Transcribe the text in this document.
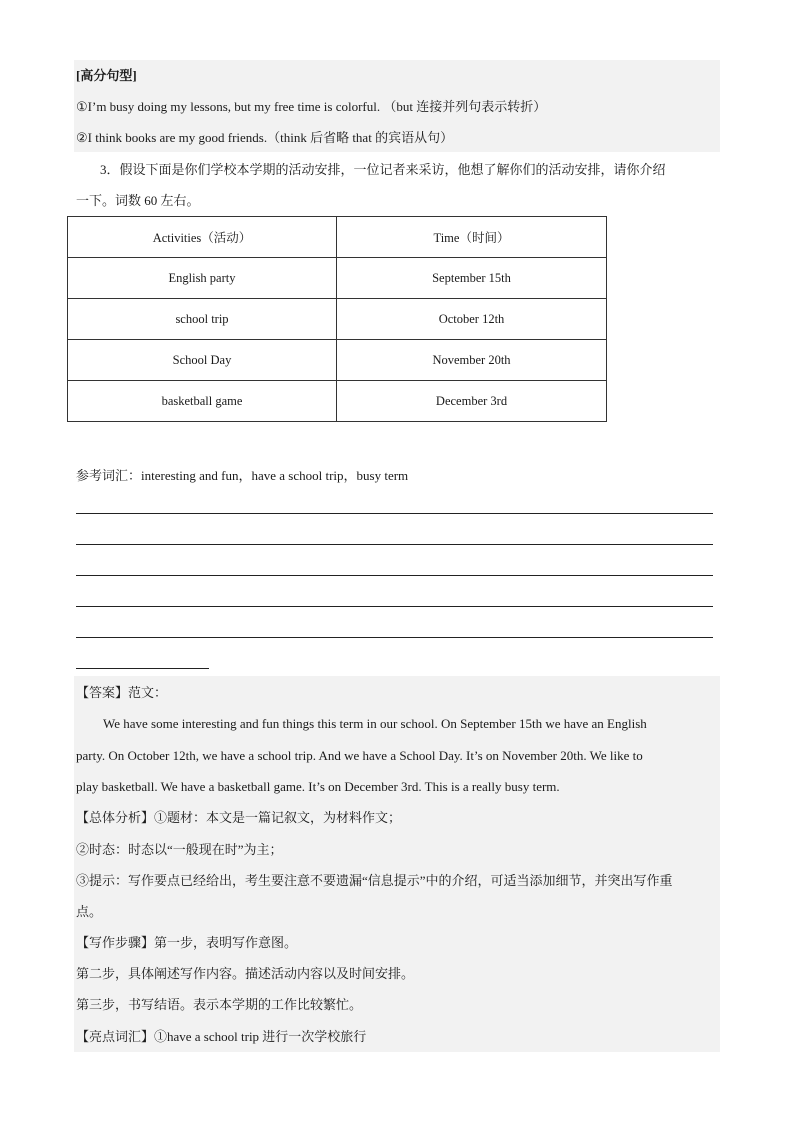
[高分句型]
①I’m busy doing my lessons, but my free time is colorful. （but 连接并列句表示转折）
②I think books are my good friends.（think 后省略 that 的宾语从句）
3．假设下面是你们学校本学期的活动安排，一位记者来采访，他想了解你们的活动安排，请你介绍
一下。词数 60 左右。
Activities（活动）	Time（时间）
English party	September 15th
school trip	October 12th
School Day	November 20th
basketball game	December 3rd
参考词汇：interesting and fun，have a school trip，busy term
【答案】范文：
We have some interesting and fun things this term in our school. On September 15th we have an English
party. On October 12th, we have a school trip. And we have a School Day. It’s on November 20th. We like to
play basketball. We have a basketball game. It’s on December 3rd. This is a really busy term.
【总体分析】①题材：本文是一篇记叙文，为材料作文；
②时态：时态以“一般现在时”为主；
③提示：写作要点已经给出，考生要注意不要遗漏“信息提示”中的介绍，可适当添加细节，并突出写作重
点。
【写作步骤】第一步，表明写作意图。
第二步，具体阐述写作内容。描述活动内容以及时间安排。
第三步，书写结语。表示本学期的工作比较繁忙。
【亮点词汇】①have a school trip 进行一次学校旅行
